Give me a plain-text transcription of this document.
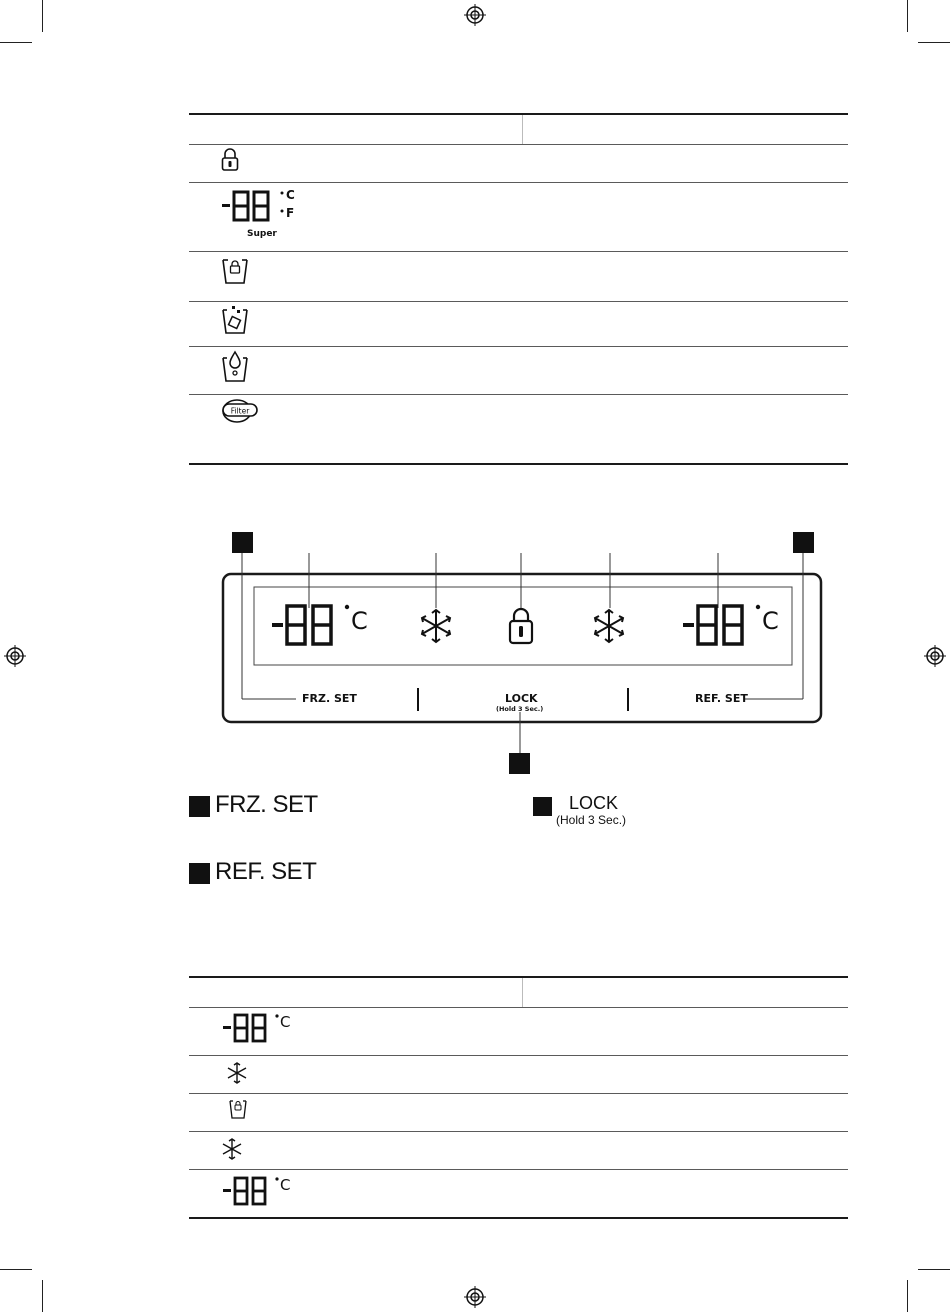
C
F
Super
Filter
C	C
FRZ. SET	LOCK
(Hold 3 Sec.)
REF. SET
FRZ. SET
REF. SET
LOCK
(Hold 3 Sec.)
C
C
